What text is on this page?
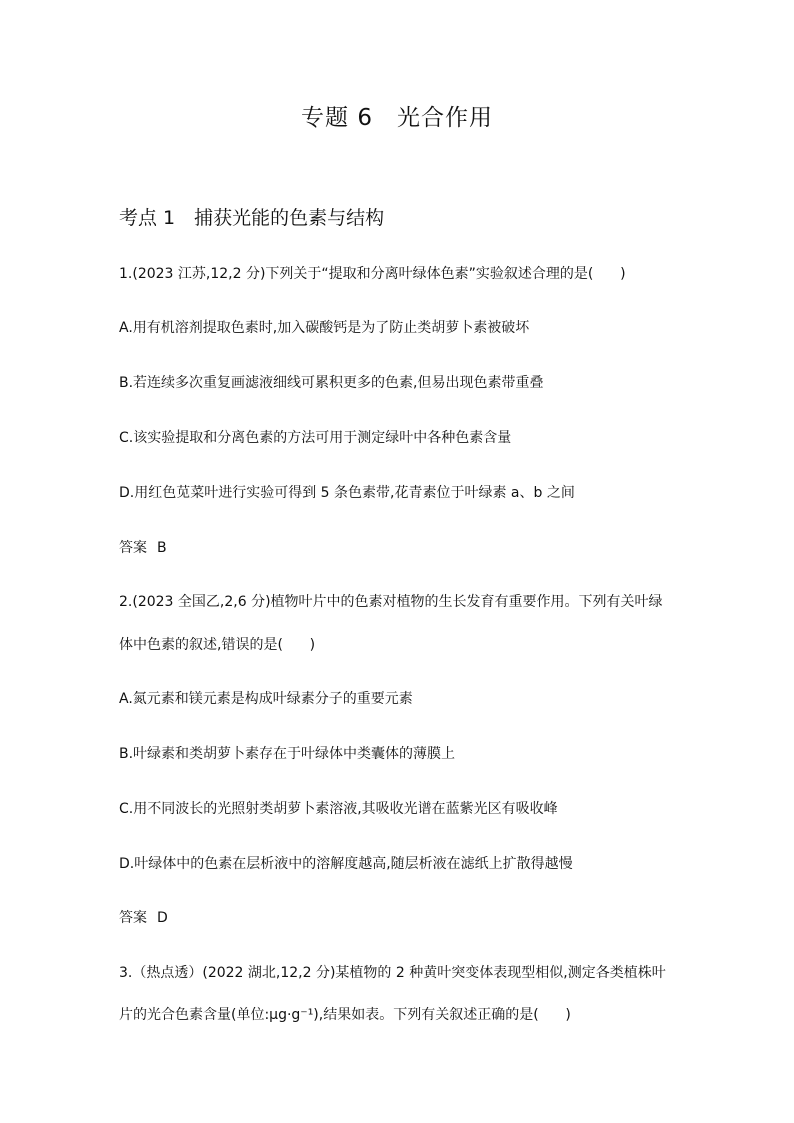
专题 6　光合作用
考点 1　捕获光能的色素与结构
1.(2023 江苏,12,2 分)下列关于“提取和分离叶绿体色素”实验叙述合理的是(      )
A.用有机溶剂提取色素时,加入碳酸钙是为了防止类胡萝卜素被破坏
B.若连续多次重复画滤液细线可累积更多的色素,但易出现色素带重叠
C.该实验提取和分离色素的方法可用于测定绿叶中各种色素含量
D.用红色苋菜叶进行实验可得到 5 条色素带,花青素位于叶绿素 a、b 之间
答案 B
2.(2023 全国乙,2,6 分)植物叶片中的色素对植物的生长发育有重要作用。下列有关叶绿
体中色素的叙述,错误的是(      )
A.氮元素和镁元素是构成叶绿素分子的重要元素
B.叶绿素和类胡萝卜素存在于叶绿体中类囊体的薄膜上
C.用不同波长的光照射类胡萝卜素溶液,其吸收光谱在蓝紫光区有吸收峰
D.叶绿体中的色素在层析液中的溶解度越高,随层析液在滤纸上扩散得越慢
答案 D
3.（热点透）(2022 湖北,12,2 分)某植物的 2 种黄叶突变体表现型相似,测定各类植株叶
片的光合色素含量(单位:μg·g⁻¹),结果如表。下列有关叙述正确的是(      )
